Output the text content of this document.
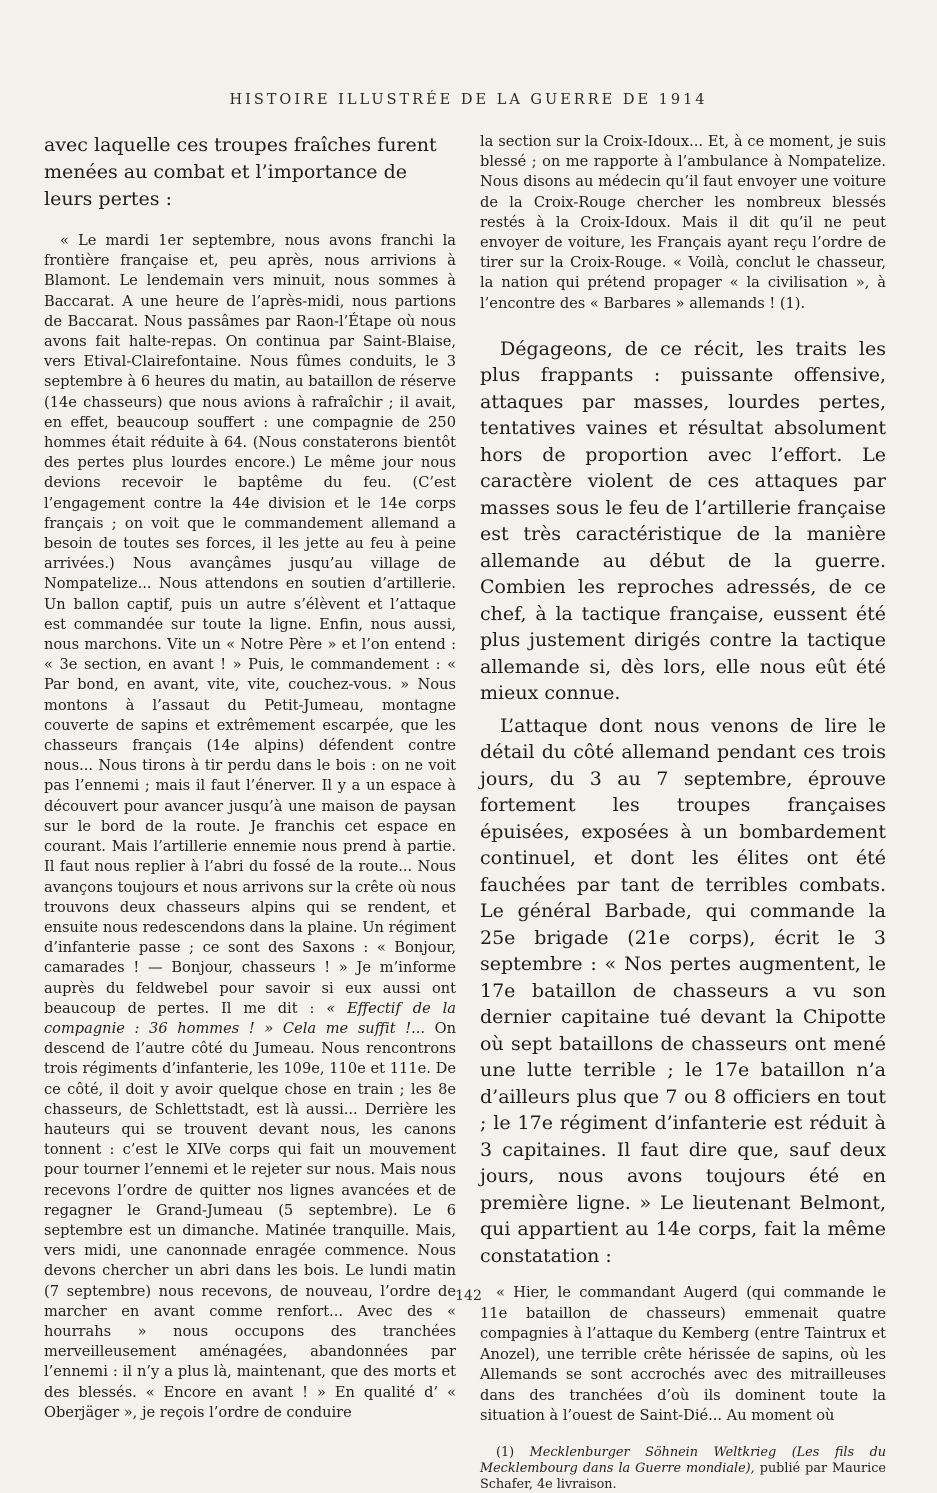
HISTOIRE ILLUSTRÉE DE LA GUERRE DE 1914

avec laquelle ces troupes fraîches furent menées au combat et l’importance de leurs pertes :

« Le mardi 1er septembre, nous avons franchi la frontière française et, peu après, nous arrivions à Blamont. Le lendemain vers minuit, nous sommes à Baccarat. A une heure de l’après-midi, nous partions de Baccarat. Nous passâmes par Raon-l’Étape où nous avons fait halte-repas. On continua par Saint-Blaise, vers Etival-Clairefontaine. Nous fûmes conduits, le 3 septembre à 6 heures du matin, au bataillon de réserve (14e chasseurs) que nous avions à rafraîchir ; il avait, en effet, beaucoup souffert : une compagnie de 250 hommes était réduite à 64. (Nous constaterons bientôt des pertes plus lourdes encore.) Le même jour nous devions recevoir le baptême du feu. (C’est l’engagement contre la 44e division et le 14e corps français ; on voit que le commandement allemand a besoin de toutes ses forces, il les jette au feu à peine arrivées.) Nous avançâmes jusqu’au village de Nompatelize... Nous attendons en soutien d’artillerie. Un ballon captif, puis un autre s’élèvent et l’attaque est commandée sur toute la ligne. Enfin, nous aussi, nous marchons. Vite un « Notre Père » et l’on entend : « 3e section, en avant ! » Puis, le commandement : « Par bond, en avant, vite, vite, couchez-vous. » Nous montons à l’assaut du Petit-Jumeau, montagne couverte de sapins et extrêmement escarpée, que les chasseurs français (14e alpins) défendent contre nous... Nous tirons à tir perdu dans le bois : on ne voit pas l’ennemi ; mais il faut l’énerver. Il y a un espace à découvert pour avancer jusqu’à une maison de paysan sur le bord de la route. Je franchis cet espace en courant. Mais l’artillerie ennemie nous prend à partie. Il faut nous replier à l’abri du fossé de la route... Nous avançons toujours et nous arrivons sur la crête où nous trouvons deux chasseurs alpins qui se rendent, et ensuite nous redescendons dans la plaine. Un régiment d’infanterie passe ; ce sont des Saxons : « Bonjour, camarades ! — Bonjour, chasseurs ! » Je m’informe auprès du feldwebel pour savoir si eux aussi ont beaucoup de pertes. Il me dit : « Effectif de la compagnie : 36 hommes ! » Cela me suffit !... On descend de l’autre côté du Jumeau. Nous rencontrons trois régiments d’infanterie, les 109e, 110e et 111e. De ce côté, il doit y avoir quelque chose en train ; les 8e chasseurs, de Schlettstadt, est là aussi... Derrière les hauteurs qui se trouvent devant nous, les canons tonnent : c’est le XIVe corps qui fait un mouvement pour tourner l’ennemi et le rejeter sur nous. Mais nous recevons l’ordre de quitter nos lignes avancées et de regagner le Grand-Jumeau (5 septembre). Le 6 septembre est un dimanche. Matinée tranquille. Mais, vers midi, une canonnade enragée commence. Nous devons chercher un abri dans les bois. Le lundi matin (7 septembre) nous recevons, de nouveau, l’ordre de marcher en avant comme renfort... Avec des « hourrahs » nous occupons des tranchées merveilleusement aménagées, abandonnées par l’ennemi : il n’y a plus là, maintenant, que des morts et des blessés. « Encore en avant ! » En qualité d’ « Oberjäger », je reçois l’ordre de conduire

la section sur la Croix-Idoux... Et, à ce moment, je suis blessé ; on me rapporte à l’ambulance à Nompatelize. Nous disons au médecin qu’il faut envoyer une voiture de la Croix-Rouge chercher les nombreux blessés restés à la Croix-Idoux. Mais il dit qu’il ne peut envoyer de voiture, les Français ayant reçu l’ordre de tirer sur la Croix-Rouge. « Voilà, conclut le chasseur, la nation qui prétend propager « la civilisation », à l’encontre des « Barbares » allemands ! (1).

Dégageons, de ce récit, les traits les plus frappants : puissante offensive, attaques par masses, lourdes pertes, tentatives vaines et résultat absolument hors de proportion avec l’effort. Le caractère violent de ces attaques par masses sous le feu de l’artillerie française est très caractéristique de la manière allemande au début de la guerre. Combien les reproches adressés, de ce chef, à la tactique française, eussent été plus justement dirigés contre la tactique allemande si, dès lors, elle nous eût été mieux connue.

L’attaque dont nous venons de lire le détail du côté allemand pendant ces trois jours, du 3 au 7 septembre, éprouve fortement les troupes françaises épuisées, exposées à un bombardement continuel, et dont les élites ont été fauchées par tant de terribles combats. Le général Barbade, qui commande la 25e brigade (21e corps), écrit le 3 septembre : « Nos pertes augmentent, le 17e bataillon de chasseurs a vu son dernier capitaine tué devant la Chipotte où sept bataillons de chasseurs ont mené une lutte terrible ; le 17e bataillon n’a d’ailleurs plus que 7 ou 8 officiers en tout ; le 17e régiment d’infanterie est réduit à 3 capitaines. Il faut dire que, sauf deux jours, nous avons toujours été en première ligne. » Le lieutenant Belmont, qui appartient au 14e corps, fait la même constatation :

« Hier, le commandant Augerd (qui commande le 11e bataillon de chasseurs) emmenait quatre compagnies à l’attaque du Kemberg (entre Taintrux et Anozel), une terrible crête hérissée de sapins, où les Allemands se sont accrochés avec des mitrailleuses dans des tranchées d’où ils dominent toute la situation à l’ouest de Saint-Dié... Au moment où

(1) Mecklenburger Söhnein Weltkrieg (Les fils du Mecklembourg dans la Guerre mondiale), publié par Maurice Schafer, 4e livraison.

142
